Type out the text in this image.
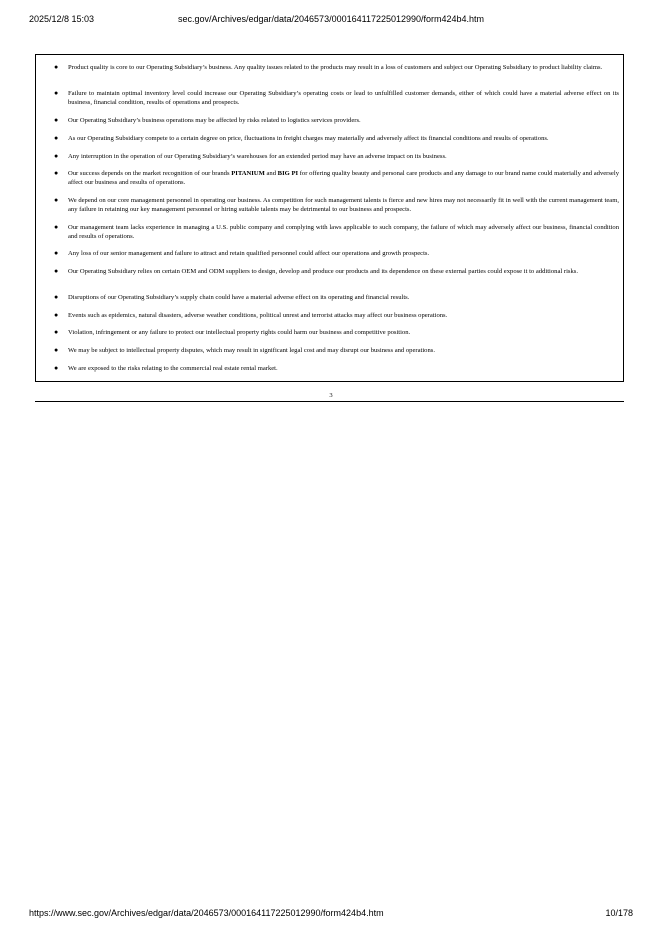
2025/12/8 15:03	sec.gov/Archives/edgar/data/2046573/000164117225012990/form424b4.htm
● Product quality is core to our Operating Subsidiary’s business. Any quality issues related to the products may result in a loss of customers and subject our Operating Subsidiary to product liability claims.
● Failure to maintain optimal inventory level could increase our Operating Subsidiary’s operating costs or lead to unfulfilled customer demands, either of which could have a material adverse effect on its business, financial condition, results of operations and prospects.
● Our Operating Subsidiary’s business operations may be affected by risks related to logistics services providers.
● As our Operating Subsidiary compete to a certain degree on price, fluctuations in freight charges may materially and adversely affect its financial conditions and results of operations.
● Any interruption in the operation of our Operating Subsidiary’s warehouses for an extended period may have an adverse impact on its business.
● Our success depends on the market recognition of our brands PITANIUM and BIG PI for offering quality beauty and personal care products and any damage to our brand name could materially and adversely affect our business and results of operations.
● We depend on our core management personnel in operating our business. As competition for such management talents is fierce and new hires may not necessarily fit in well with the current management team, any failure in retaining our key management personnel or hiring suitable talents may be detrimental to our business and prospects.
● Our management team lacks experience in managing a U.S. public company and complying with laws applicable to such company, the failure of which may adversely affect our business, financial condition and results of operations.
● Any loss of our senior management and failure to attract and retain qualified personnel could affect our operations and growth prospects.
● Our Operating Subsidiary relies on certain OEM and ODM suppliers to design, develop and produce our products and its dependence on these external parties could expose it to additional risks.
● Disruptions of our Operating Subsidiary’s supply chain could have a material adverse effect on its operating and financial results.
● Events such as epidemics, natural disasters, adverse weather conditions, political unrest and terrorist attacks may affect our business operations.
● Violation, infringement or any failure to protect our intellectual property rights could harm our business and competitive position.
● We may be subject to intellectual property disputes, which may result in significant legal cost and may disrupt our business and operations.
● We are exposed to the risks relating to the commercial real estate rental market.
3
https://www.sec.gov/Archives/edgar/data/2046573/000164117225012990/form424b4.htm	10/178
